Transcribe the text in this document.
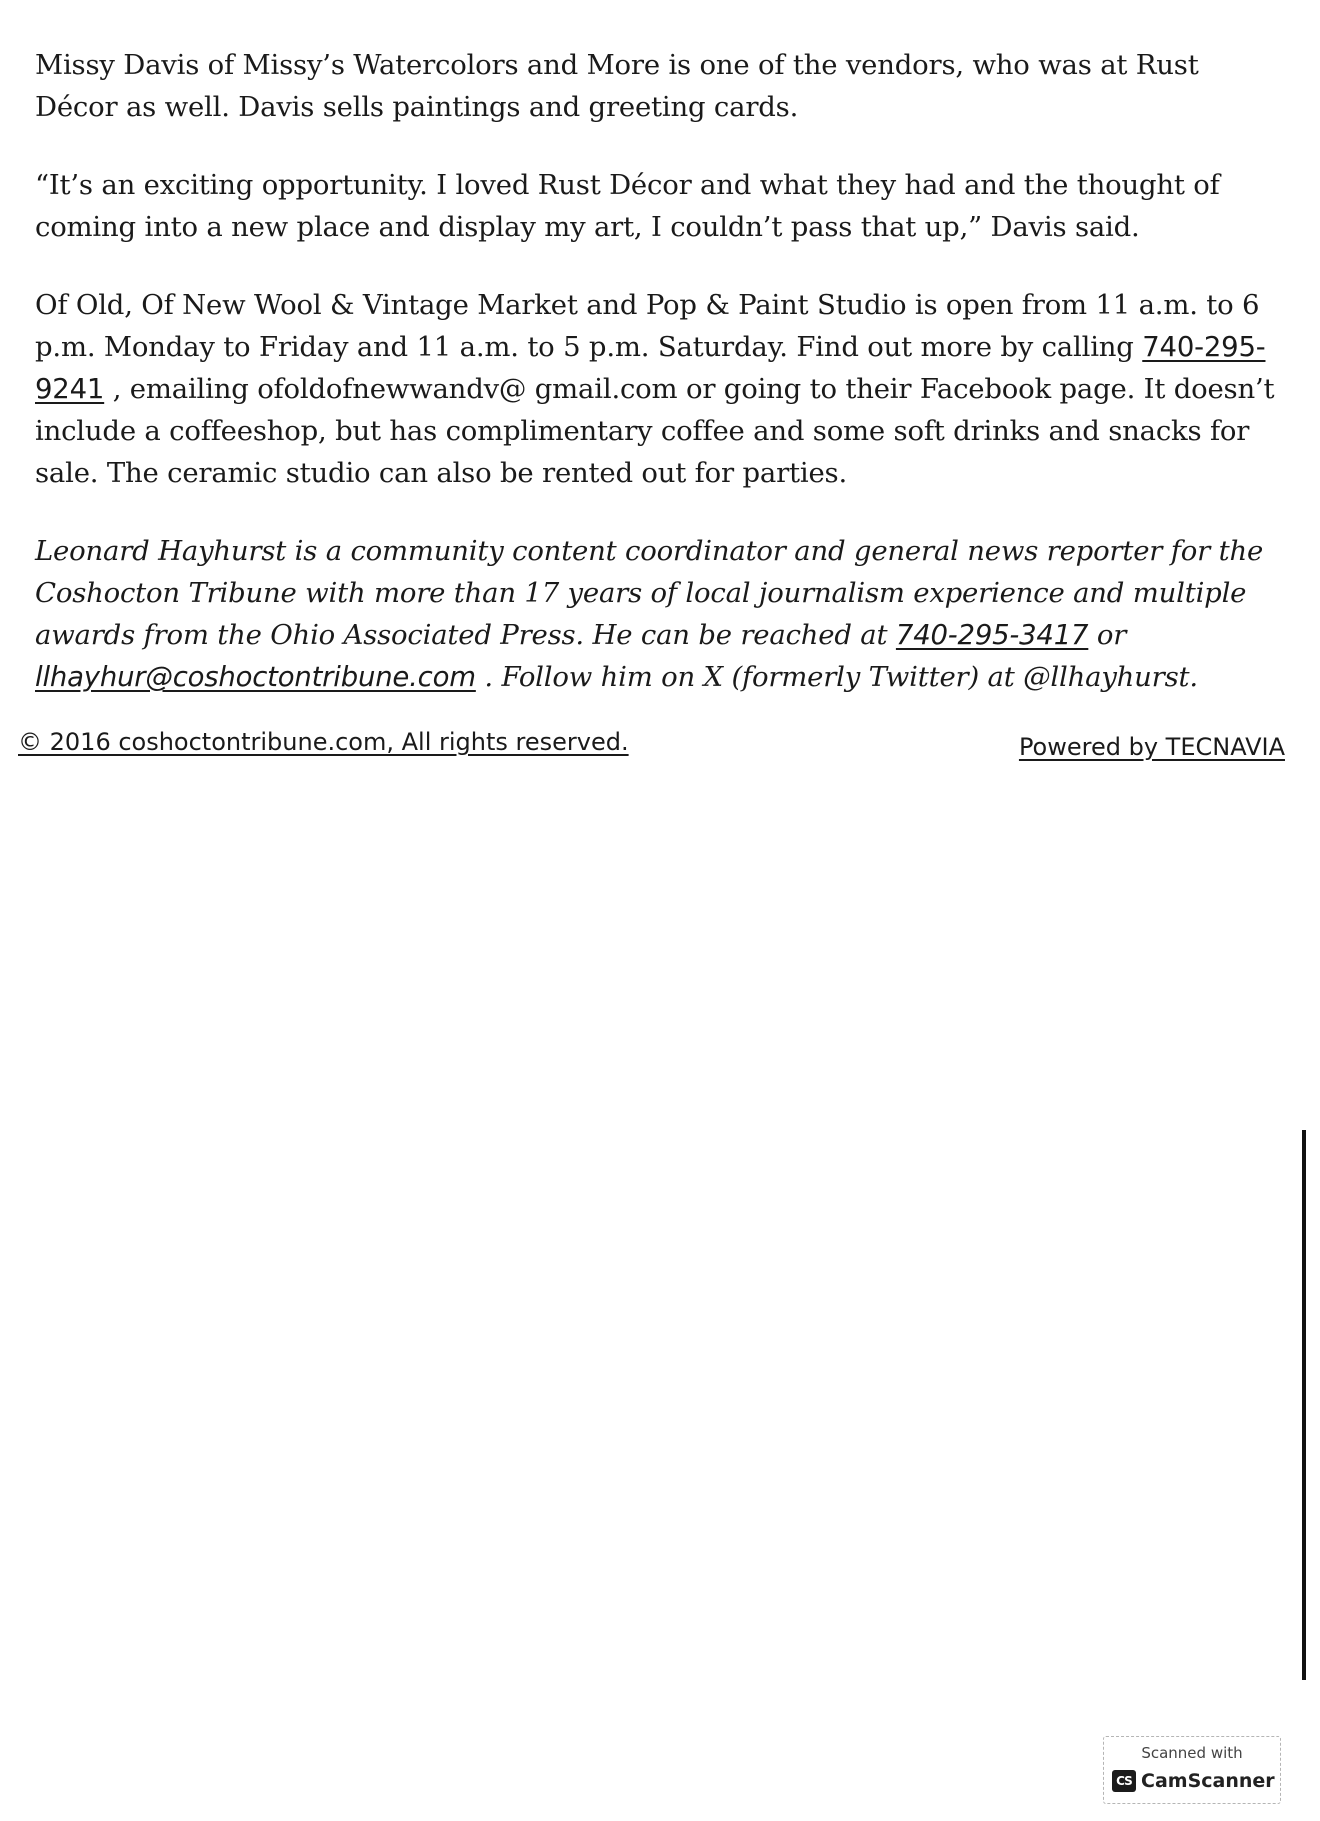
Missy Davis of Missy’s Watercolors and More is one of the vendors, who was at Rust Décor as well. Davis sells paintings and greeting cards.

“It’s an exciting opportunity. I loved Rust Décor and what they had and the thought of coming into a new place and display my art, I couldn’t pass that up,” Davis said.

Of Old, Of New Wool & Vintage Market and Pop & Paint Studio is open from 11 a.m. to 6 p.m. Monday to Friday and 11 a.m. to 5 p.m. Saturday. Find out more by calling 740-295-9241 , emailing ofoldofnewwandv@ gmail.com or going to their Facebook page. It doesn’t include a coffeeshop, but has complimentary coffee and some soft drinks and snacks for sale. The ceramic studio can also be rented out for parties.

Leonard Hayhurst is a community content coordinator and general news reporter for the Coshocton Tribune with more than 17 years of local journalism experience and multiple awards from the Ohio Associated Press. He can be reached at 740-295-3417 or llhayhur@coshoctontribune.com . Follow him on X (formerly Twitter) at @llhayhurst.

© 2016 coshoctontribune.com, All rights reserved.	Powered by TECNAVIA
Scanned with
CS CamScanner
